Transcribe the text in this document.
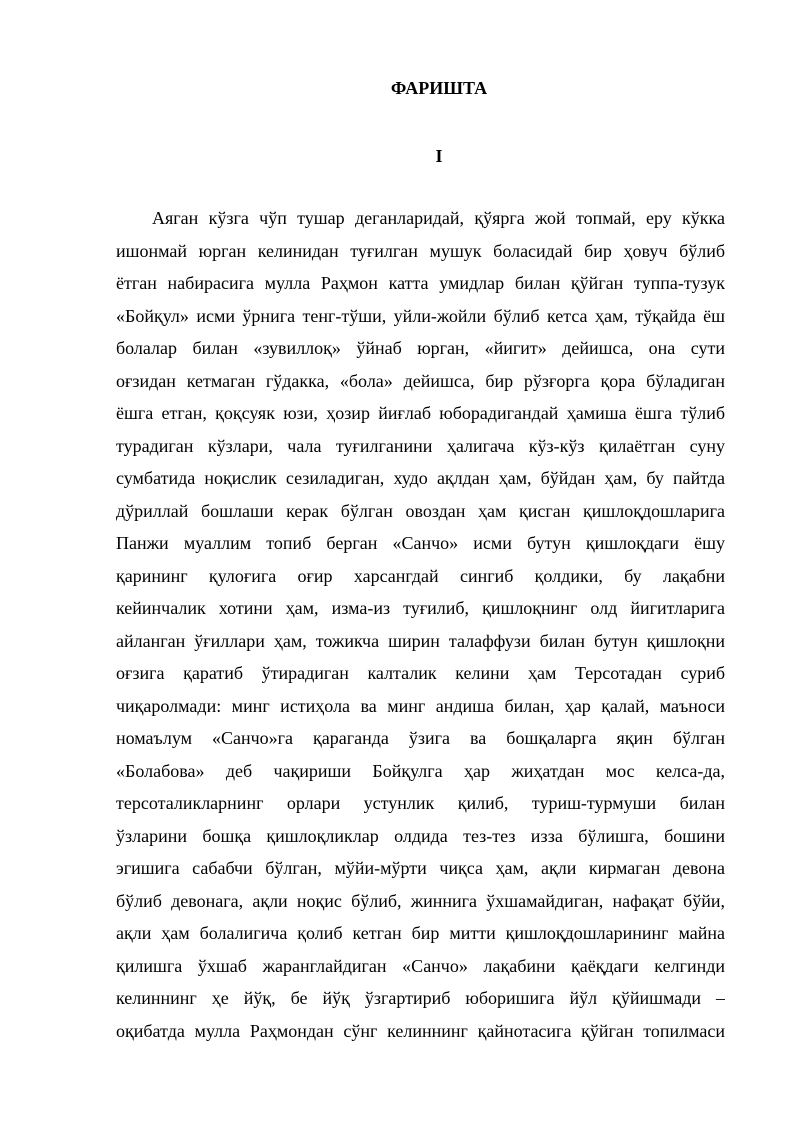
ФАРИШТА
I
Аяган кўзга чўп тушар деганларидай, қўярга жой топмай, еру кўкка
ишонмай юрган келинидан туғилган мушук боласидай бир ҳовуч бўлиб
ётган набирасига мулла Раҳмон катта умидлар билан қўйган туппа-тузук
«Бойқул» исми ўрнига тенг-тўши, уйли-жойли бўлиб кетса ҳам, тўқайда ёш
болалар билан «зувиллоқ» ўйнаб юрган, «йигит» дейишса, она сути
оғзидан кетмаган гўдакка, «бола» дейишса, бир рўзғорга қора бўладиган
ёшга етган, қоқсуяк юзи, ҳозир йиғлаб юборадигандай ҳамиша ёшга тўлиб
турадиган кўзлари, чала туғилганини ҳалигача кўз-кўз қилаётган суну
сумбатида ноқислик сезиладиган, худо ақлдан ҳам, бўйдан ҳам, бу пайтда
дўриллай бошлаши керак бўлган овоздан ҳам қисган қишлоқдошларига
Панжи муаллим топиб берган «Санчо» исми бутун қишлоқдаги ёшу
қарининг қулоғига оғир харсангдай сингиб қолдики, бу лақабни
кейинчалик хотини ҳам, изма-из туғилиб, қишлоқнинг олд йигитларига
айланган ўғиллари ҳам, тожикча ширин талаффузи билан бутун қишлоқни
оғзига қаратиб ўтирадиган калталик келини ҳам Терсотадан суриб
чиқаролмади: минг истиҳола ва минг андиша билан, ҳар қалай, маъноси
номаълум «Санчо»га қараганда ўзига ва бошқаларга яқин бўлган
«Болабова» деб чақириши Бойқулга ҳар жиҳатдан мос келса-да,
терсоталикларнинг орлари устунлик қилиб, туриш-турмуши билан
ўзларини бошқа қишлоқликлар олдида тез-тез изза бўлишга, бошини
эгишига сабабчи бўлган, мўйи-мўрти чиқса ҳам, ақли кирмаган девона
бўлиб девонага, ақли ноқис бўлиб, жиннига ўхшамайдиган, нафақат бўйи,
ақли ҳам болалигича қолиб кетган бир митти қишлоқдошларининг майна
қилишга ўхшаб жаранглайдиган «Санчо» лақабини қаёқдаги келгинди
келиннинг ҳе йўқ, бе йўқ ўзгартириб юборишига йўл қўйишмади –
оқибатда мулла Раҳмондан сўнг келиннинг қайнотасига қўйган топилмаси
